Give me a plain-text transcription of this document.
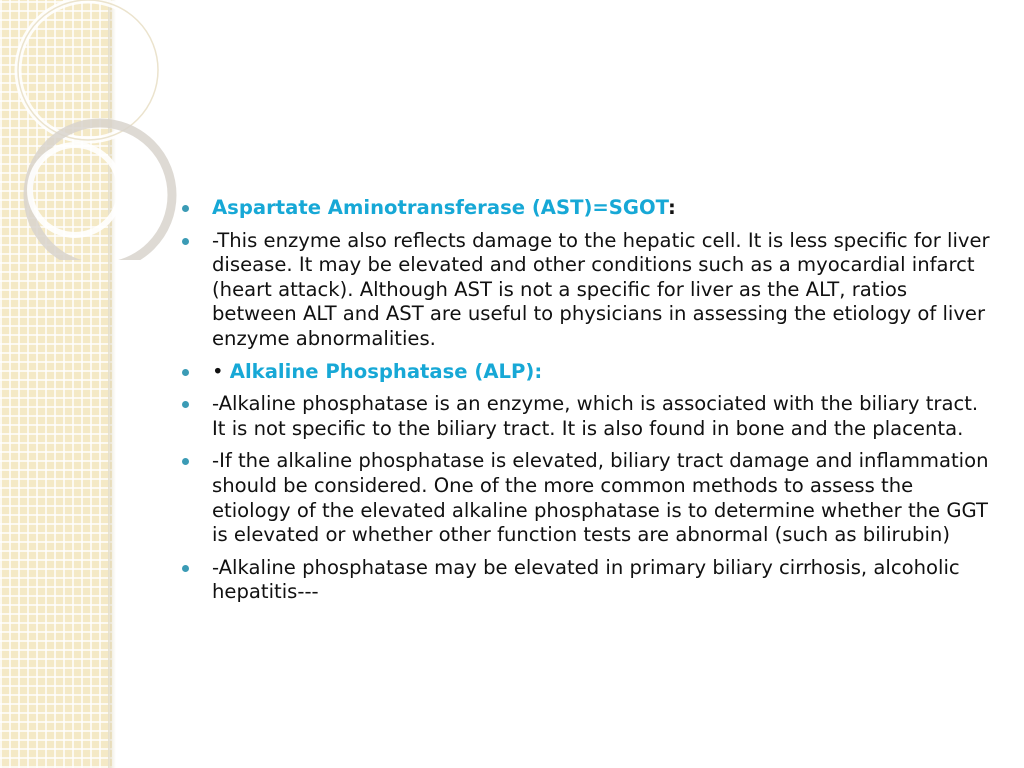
Aspartate Aminotransferase (AST)=SGOT:
-This enzyme also reflects damage to the hepatic cell. It is less specific for liver disease. It may be elevated and other conditions such as a myocardial infarct (heart attack). Although AST is not a specific for liver as the ALT, ratios between ALT and AST are useful to physicians in assessing the etiology of liver enzyme abnormalities.
• Alkaline Phosphatase (ALP):
-Alkaline phosphatase is an enzyme, which is associated with the biliary tract. It is not specific to the biliary tract. It is also found in bone and the placenta.
-If the alkaline phosphatase is elevated, biliary tract damage and inflammation should be considered. One of the more common methods to assess the etiology of the elevated alkaline phosphatase is to determine whether the GGT is elevated or whether other function tests are abnormal (such as bilirubin)
-Alkaline phosphatase may be elevated in primary biliary cirrhosis, alcoholic hepatitis---
